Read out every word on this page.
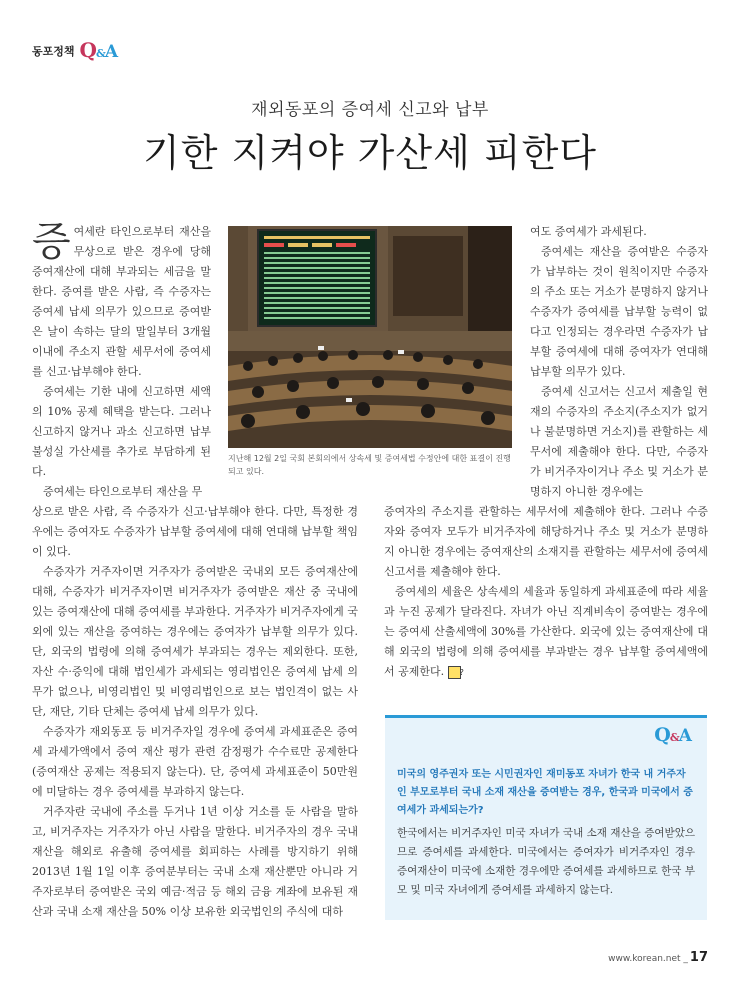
동포정책 Q&A
재외동포의 증여세 신고와 납부
기한 지켜야 가산세 피한다

증여세란 타인으로부터 재산을 무상으로 받은 경우에 당해 증여재산에 대해 부과되는 세금을 말한다. 증여를 받은 사람, 즉 수증자는 증여세 납세 의무가 있으므로 증여받은 날이 속하는 달의 말일부터 3개월 이내에 주소지 관할 세무서에 증여세를 신고·납부해야 한다.

증여세는 기한 내에 신고하면 세액의 10% 공제 혜택을 받는다. 그러나 신고하지 않거나 과소 신고하면 납부 불성실 가산세를 추가로 부담하게 된다.

증여세는 타인으로부터 재산을 무

지난해 12월 2일 국회 본회의에서 상속세 및 증여세법 수정안에 대한 표결이 진행되고 있다.

여도 증여세가 과세된다.

증여세는 재산을 증여받은 수증자가 납부하는 것이 원칙이지만 수증자의 주소 또는 거소가 분명하지 않거나 수증자가 증여세를 납부할 능력이 없다고 인정되는 경우라면 수증자가 납부할 증여세에 대해 증여자가 연대해 납부할 의무가 있다.

증여세 신고서는 신고서 제출일 현재의 수증자의 주소지(주소지가 없거나 불분명하면 거소지)를 관할하는 세무서에 제출해야 한다. 다만, 수증자가 비거주자이거나 주소 및 거소가 분명하지 아니한 경우에는

상으로 받은 사람, 즉 수증자가 신고·납부해야 한다. 다만, 특정한 경우에는 증여자도 수증자가 납부할 증여세에 대해 연대해 납부할 책임이 있다.

수증자가 거주자이면 거주자가 증여받은 국내외 모든 증여재산에 대해, 수증자가 비거주자이면 비거주자가 증여받은 재산 중 국내에 있는 증여재산에 대해 증여세를 부과한다. 거주자가 비거주자에게 국외에 있는 재산을 증여하는 경우에는 증여자가 납부할 의무가 있다. 단, 외국의 법령에 의해 증여세가 부과되는 경우는 제외한다. 또한, 자산 수·증익에 대해 법인세가 과세되는 영리법인은 증여세 납세 의무가 없으나, 비영리법인 및 비영리법인으로 보는 법인격이 없는 사단, 재단, 기타 단체는 증여세 납세 의무가 있다.

수증자가 재외동포 등 비거주자일 경우에 증여세 과세표준은 증여세 과세가액에서 증여 재산 평가 관련 감정평가 수수료만 공제한다(증여재산 공제는 적용되지 않는다). 단, 증여세 과세표준이 50만원에 미달하는 경우 증여세를 부과하지 않는다.

거주자란 국내에 주소를 두거나 1년 이상 거소를 둔 사람을 말하고, 비거주자는 거주자가 아닌 사람을 말한다. 비거주자의 경우 국내 재산을 해외로 유출해 증여세를 회피하는 사례를 방지하기 위해 2013년 1월 1일 이후 증여분부터는 국내 소재 재산뿐만 아니라 거주자로부터 증여받은 국외 예금·적금 등 해외 금융 계좌에 보유된 재산과 국내 소재 재산을 50% 이상 보유한 외국법인의 주식에 대하

증여자의 주소지를 관할하는 세무서에 제출해야 한다. 그러나 수증자와 증여자 모두가 비거주자에 해당하거나 주소 및 거소가 분명하지 아니한 경우에는 증여재산의 소재지를 관할하는 세무서에 증여세 신고서를 제출해야 한다.

증여세의 세율은 상속세의 세율과 동일하게 과세표준에 따라 세율과 누진 공제가 달라진다. 자녀가 아닌 직계비속이 증여받는 경우에는 증여세 산출세액에 30%를 가산한다. 외국에 있는 증여재산에 대해 외국의 법령에 의해 증여세를 부과받는 경우 납부할 증여세액에서 공제한다. ?

Q&A
미국의 영주권자 또는 시민권자인 재미동포 자녀가 한국 내 거주자인 부모로부터 국내 소재 재산을 증여받는 경우, 한국과 미국에서 증여세가 과세되는가?
한국에서는 비거주자인 미국 자녀가 국내 소재 재산을 증여받았으므로 증여세를 과세한다. 미국에서는 증여자가 비거주자인 경우 증여재산이 미국에 소재한 경우에만 증여세를 과세하므로 한국 부모 및 미국 자녀에게 증여세를 과세하지 않는다.
www.korean.net _ 17
